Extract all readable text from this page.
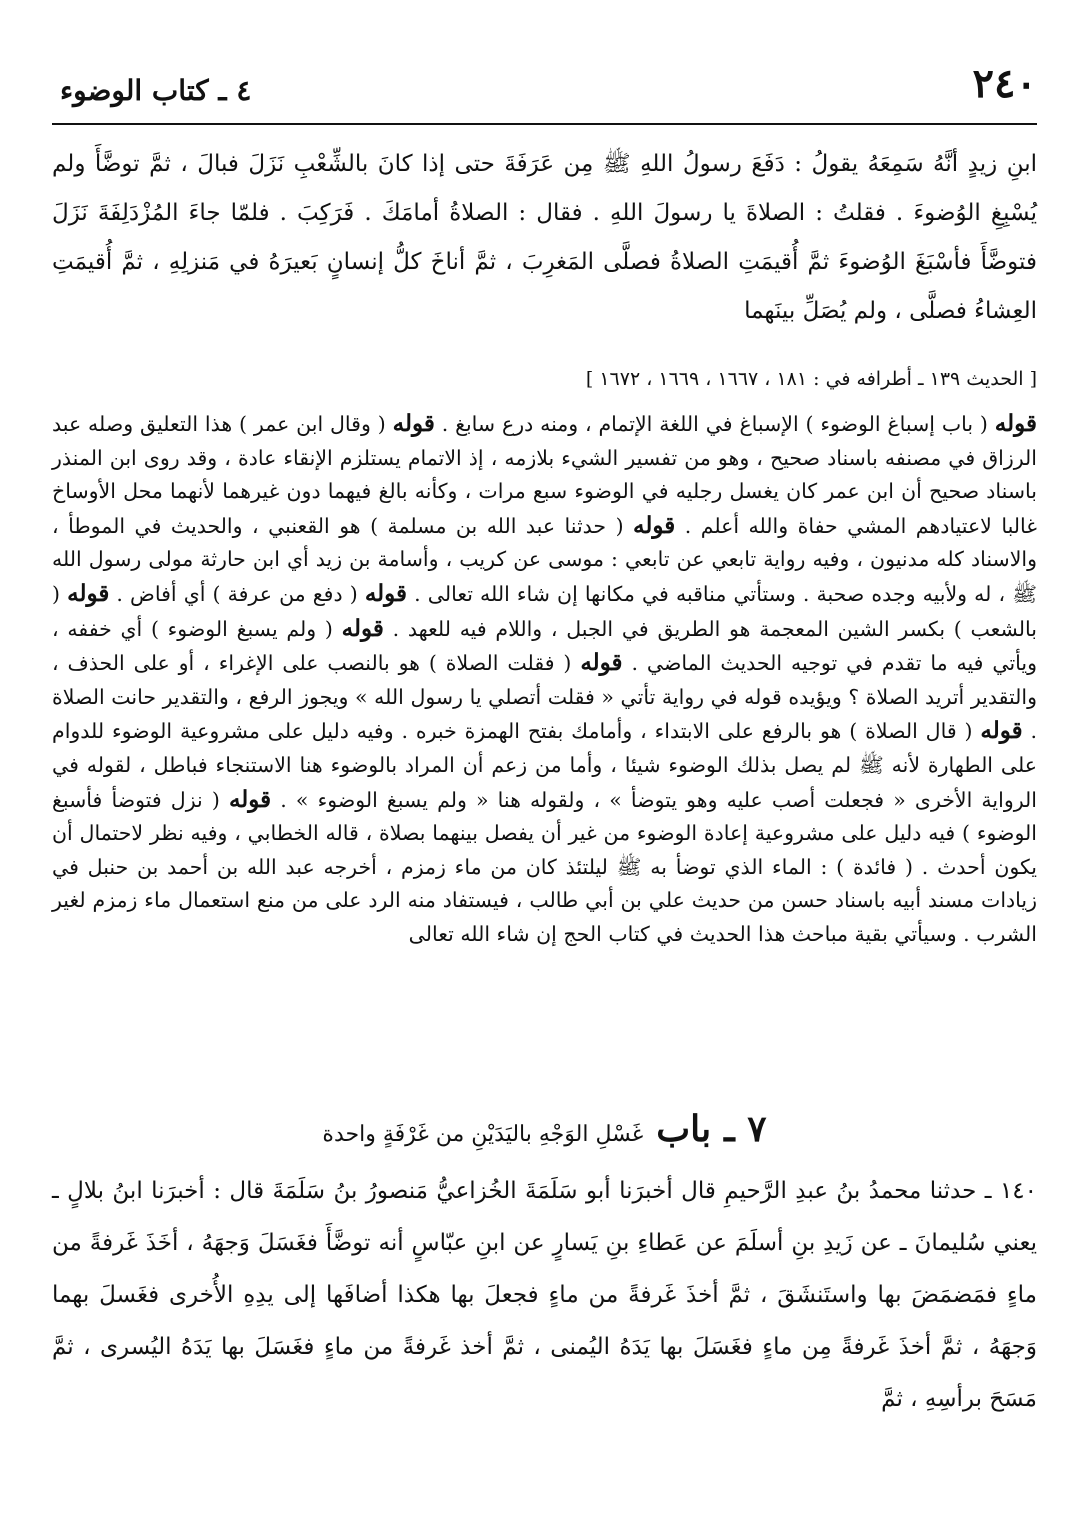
٢٤٠
٤ ـ كتاب الوضوء

ابنِ زيدٍ أنَّهُ سَمِعَهُ يقولُ : دَفَعَ رسولُ اللهِ ﷺ مِن عَرَفَةَ حتى إذا كانَ بالشِّعْبِ نَزَلَ فبالَ ، ثمَّ توضَّأَ ولم يُسْبِغِ الوُضوءَ . فقلتُ : الصلاةَ يا رسولَ اللهِ . فقال : الصلاةُ أمامَكَ . فَرَكِبَ . فلمّا جاءَ المُزْدَلِفَةَ نَزَلَ فتوضَّأَ فأسْبَغَ الوُضوءَ ثمَّ أُقيمَتِ الصلاةُ فصلَّى المَغرِبَ ، ثمَّ أناخَ كلُّ إنسانٍ بَعيرَهُ في مَنزلِهِ ، ثمَّ أُقيمَتِ العِشاءُ فصلَّى ، ولم يُصَلِّ بينَهما

[ الحديث ١٣٩ ـ أطرافه في : ١٨١ ، ١٦٦٧ ، ١٦٦٩ ، ١٦٧٢ ]

قوله ( باب إسباغ الوضوء ) الإسباغ في اللغة الإتمام ، ومنه درع سابغ . قوله ( وقال ابن عمر ) هذا التعليق وصله عبد الرزاق في مصنفه باسناد صحيح ، وهو من تفسير الشيء بلازمه ، إذ الاتمام يستلزم الإنقاء عادة ، وقد روى ابن المنذر باسناد صحيح أن ابن عمر كان يغسل رجليه في الوضوء سبع مرات ، وكأنه بالغ فيهما دون غيرهما لأنهما محل الأوساخ غالبا لاعتيادهم المشي حفاة والله أعلم . قوله ( حدثنا عبد الله بن مسلمة ) هو القعنبي ، والحديث في الموطأ ، والاسناد كله مدنيون ، وفيه رواية تابعي عن تابعي : موسى عن كريب ، وأسامة بن زيد أي ابن حارثة مولى رسول الله ﷺ ، له ولأبيه وجده صحبة . وستأتي مناقبه في مكانها إن شاء الله تعالى . قوله ( دفع من عرفة ) أي أفاض . قوله ( بالشعب ) بكسر الشين المعجمة هو الطريق في الجبل ، واللام فيه للعهد . قوله ( ولم يسبغ الوضوء ) أي خففه ، ويأتي فيه ما تقدم في توجيه الحديث الماضي . قوله ( فقلت الصلاة ) هو بالنصب على الإغراء ، أو على الحذف ، والتقدير أتريد الصلاة ؟ ويؤيده قوله في رواية تأتي « فقلت أتصلي يا رسول الله » ويجوز الرفع ، والتقدير حانت الصلاة . قوله ( قال الصلاة ) هو بالرفع على الابتداء ، وأمامك بفتح الهمزة خبره . وفيه دليل على مشروعية الوضوء للدوام على الطهارة لأنه ﷺ لم يصل بذلك الوضوء شيئا ، وأما من زعم أن المراد بالوضوء هنا الاستنجاء فباطل ، لقوله في الرواية الأخرى « فجعلت أصب عليه وهو يتوضأ » ، ولقوله هنا « ولم يسبغ الوضوء » . قوله ( نزل فتوضأ فأسبغ الوضوء ) فيه دليل على مشروعية إعادة الوضوء من غير أن يفصل بينهما بصلاة ، قاله الخطابي ، وفيه نظر لاحتمال أن يكون أحدث . ( فائدة ) : الماء الذي توضأ به ﷺ ليلتئذ كان من ماء زمزم ، أخرجه عبد الله بن أحمد بن حنبل في زيادات مسند أبيه باسناد حسن من حديث علي بن أبي طالب ، فيستفاد منه الرد على من منع استعمال ماء زمزم لغير الشرب . وسيأتي بقية مباحث هذا الحديث في كتاب الحج إن شاء الله تعالى

٧ ـ باب غَسْلِ الوَجْهِ باليَدَيْنِ من غَرْفَةٍ واحدة

١٤٠ ـ حدثنا محمدُ بنُ عبدِ الرَّحيمِ قال أخبرَنا أبو سَلَمَةَ الخُزاعيُّ مَنصورُ بنُ سَلَمَةَ قال : أخبرَنا ابنُ بلالٍ ـ يعني سُليمانَ ـ عن زَيدِ بنِ أسلَمَ عن عَطاءِ بنِ يَسارٍ عن ابنِ عبّاسٍ أنه توضَّأَ فغَسَلَ وَجهَهُ ، أخَذَ غَرفةً من ماءٍ فمَضمَضَ بها واستَنشَقَ ، ثمَّ أخذَ غَرفةً من ماءٍ فجعلَ بها هكذا أضافَها إلى يدِهِ الأُخرى فغَسلَ بهما وَجهَهُ ، ثمَّ أخذَ غَرفةً مِن ماءٍ فغَسَلَ بها يَدَهُ اليُمنى ، ثمَّ أخذ غَرفةً من ماءٍ فغَسَلَ بها يَدَهُ اليُسرى ، ثمَّ مَسَحَ برأسِهِ ، ثمَّ
